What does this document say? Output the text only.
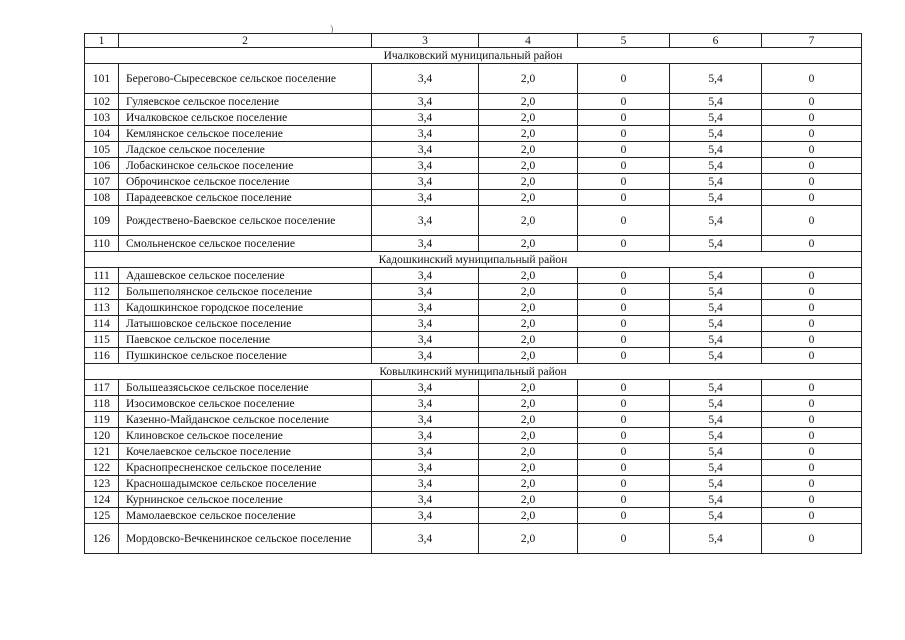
1	2	3	4	5	6	7
Ичалковский муниципальный район						
101	Берегово-Сыресевское сельское поселение	3,4	2,0	0	5,4	0
102	Гуляевское сельское поселение	3,4	2,0	0	5,4	0
103	Ичалковское сельское поселение	3,4	2,0	0	5,4	0
104	Кемлянское сельское поселение	3,4	2,0	0	5,4	0
105	Ладское сельское поселение	3,4	2,0	0	5,4	0
106	Лобаскинское сельское поселение	3,4	2,0	0	5,4	0
107	Оброчинское сельское поселение	3,4	2,0	0	5,4	0
108	Парадеевское сельское поселение	3,4	2,0	0	5,4	0
109	Рождествено-Баевское сельское поселение	3,4	2,0	0	5,4	0
110	Смольненское сельское поселение	3,4	2,0	0	5,4	0
Кадошкинский муниципальный район						
111	Адашевское сельское поселение	3,4	2,0	0	5,4	0
112	Большеполянское сельское поселение	3,4	2,0	0	5,4	0
113	Кадошкинское городское поселение	3,4	2,0	0	5,4	0
114	Латышовское сельское поселение	3,4	2,0	0	5,4	0
115	Паевское сельское поселение	3,4	2,0	0	5,4	0
116	Пушкинское сельское поселение	3,4	2,0	0	5,4	0
Ковылкинский муниципальный район						
117	Большеазясьское сельское поселение	3,4	2,0	0	5,4	0
118	Изосимовское сельское поселение	3,4	2,0	0	5,4	0
119	Казенно-Майданское сельское поселение	3,4	2,0	0	5,4	0
120	Клиновское сельское поселение	3,4	2,0	0	5,4	0
121	Кочелаевское сельское поселение	3,4	2,0	0	5,4	0
122	Краснопресненское сельское поселение	3,4	2,0	0	5,4	0
123	Красношадымское сельское поселение	3,4	2,0	0	5,4	0
124	Курнинское сельское поселение	3,4	2,0	0	5,4	0
125	Мамолаевское сельское поселение	3,4	2,0	0	5,4	0
126	Мордовско-Вечкенинское сельское поселение	3,4	2,0	0	5,4	0
)
